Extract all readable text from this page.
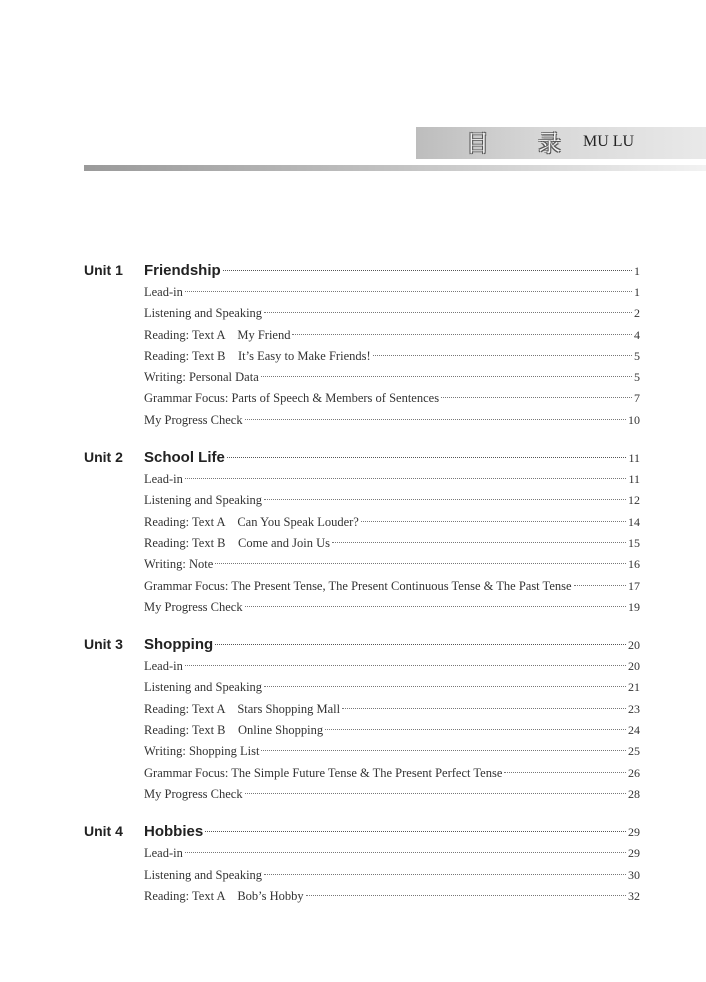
目 录 MU LU
Unit 1	Friendship	1
Lead-in	1
Listening and Speaking	2
Reading: Text A    My Friend	4
Reading: Text B    It’s Easy to Make Friends!	5
Writing: Personal Data	5
Grammar Focus: Parts of Speech & Members of Sentences	7
My Progress Check	10
Unit 2	School Life	11
Lead-in	11
Listening and Speaking	12
Reading: Text A    Can You Speak Louder?	14
Reading: Text B    Come and Join Us	15
Writing: Note	16
Grammar Focus: The Present Tense, The Present Continuous Tense & The Past Tense	17
My Progress Check	19
Unit 3	Shopping	20
Lead-in	20
Listening and Speaking	21
Reading: Text A    Stars Shopping Mall	23
Reading: Text B    Online Shopping	24
Writing: Shopping List	25
Grammar Focus: The Simple Future Tense & The Present Perfect Tense	26
My Progress Check	28
Unit 4	Hobbies	29
Lead-in	29
Listening and Speaking	30
Reading: Text A    Bob’s Hobby	32
